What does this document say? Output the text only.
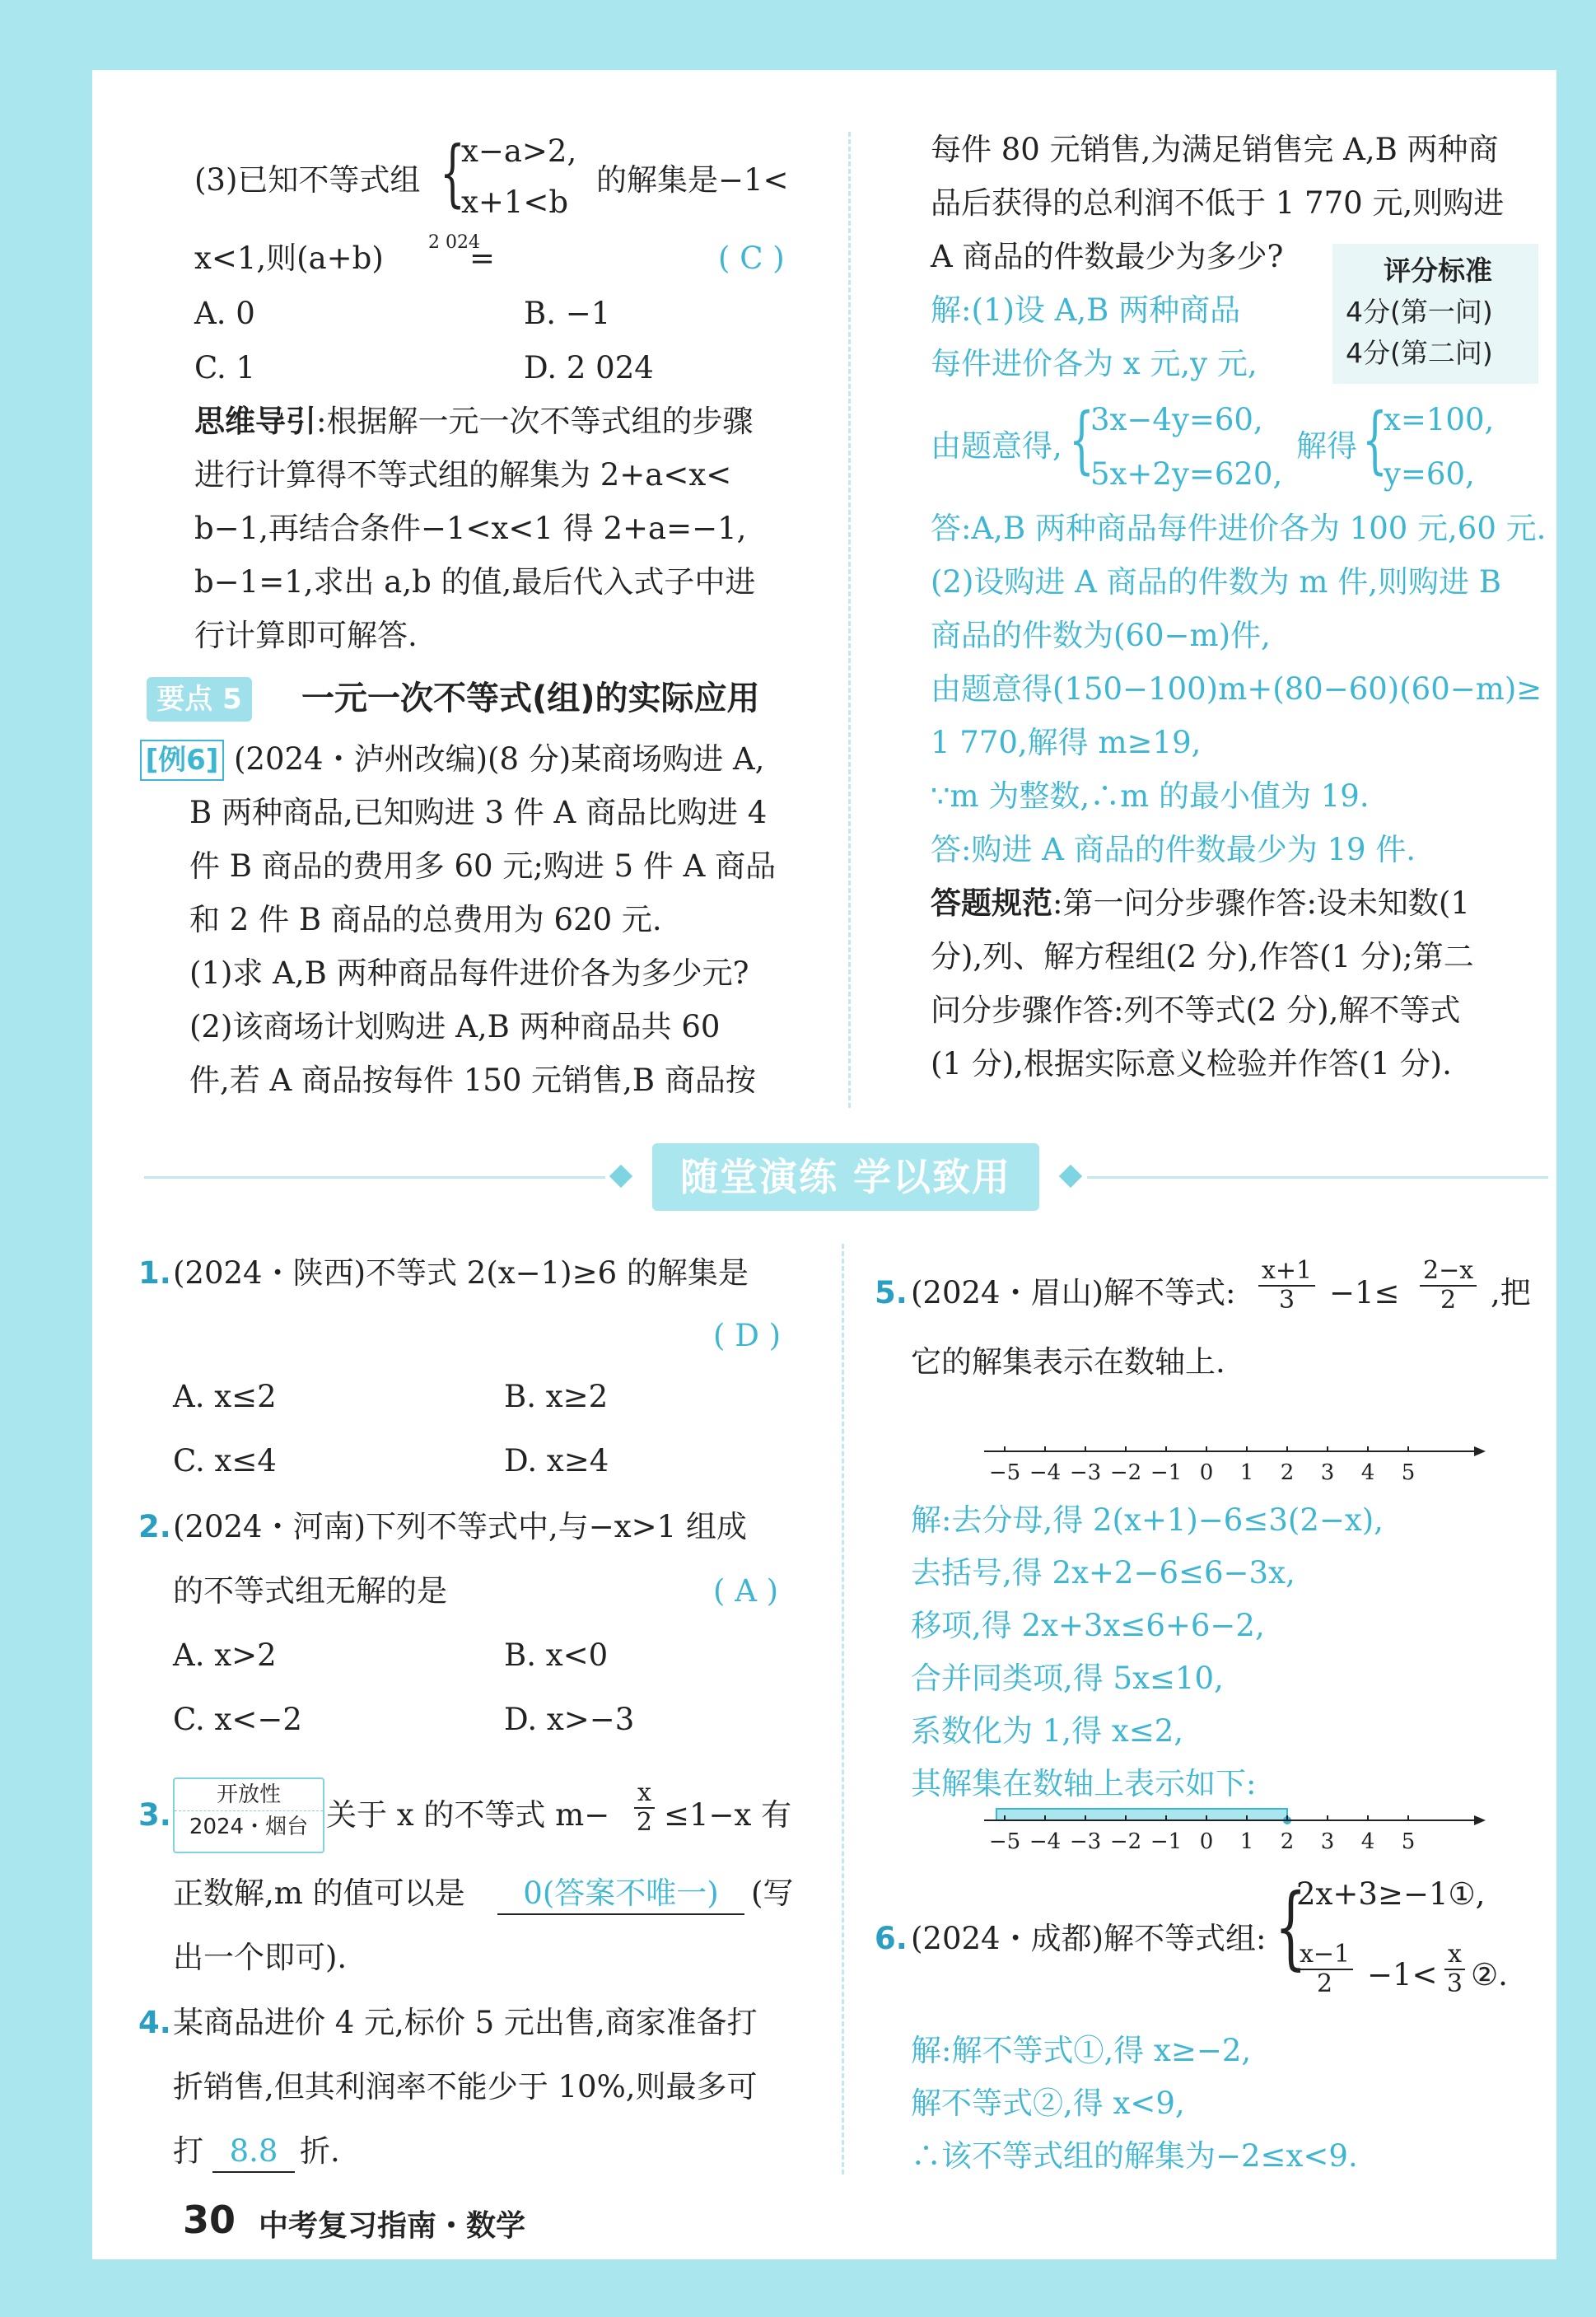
(3)已知不等式组 {
x−a>2,
x+1<b
的解集是−1<
x<1,则(a+b) 2 024
=	( C )
A. 0	B. −1
C. 1	D. 2 024
思维导引:根据解一元一次不等式组的步骤
进行计算得不等式组的解集为 2+a<x<
b−1,再结合条件−1<x<1 得 2+a=−1,
b−1=1,求出 a,b 的值,最后代入式子中进
行计算即可解答.
要点 5	一元一次不等式(组)的实际应用
[例6] (2024・泸州改编)(8 分)某商场购进 A,
B 两种商品,已知购进 3 件 A 商品比购进 4
件 B 商品的费用多 60 元;购进 5 件 A 商品
和 2 件 B 商品的总费用为 620 元.
(1)求 A,B 两种商品每件进价各为多少元?
(2)该商场计划购进 A,B 两种商品共 60
件,若 A 商品按每件 150 元销售,B 商品按
每件 80 元销售,为满足销售完 A,B 两种商
品后获得的总利润不低于 1 770 元,则购进
A 商品的件数最少为多少?	评分标准
4分(第一问)
4分(第二问)
解:(1)设 A,B 两种商品
每件进价各为 x 元,y 元,
由题意得, {
3x−4y=60,
5x+2y=620,
解得 {
x=100,
y=60,
答:A,B 两种商品每件进价各为 100 元,60 元.
(2)设购进 A 商品的件数为 m 件,则购进 B
商品的件数为(60−m)件,
由题意得(150−100)m+(80−60)(60−m)≥
1 770,解得 m≥19,
∵m 为整数,∴m 的最小值为 19.
答:购进 A 商品的件数最少为 19 件.
答题规范:第一问分步骤作答:设未知数(1
分),列、解方程组(2 分),作答(1 分);第二
问分步骤作答:列不等式(2 分),解不等式
(1 分),根据实际意义检验并作答(1 分).
随堂演练 学以致用
1. (2024・陕西)不等式 2(x−1)≥6 的解集是
( D )
A. x≤2	B. x≥2
C. x≤4	D. x≥4
2. (2024・河南)下列不等式中,与−x>1 组成
的不等式组无解的是	( A )
A. x>2	B. x<0
C. x<−2	D. x>−3
3.
开放性
2024・烟台 关于 x 的不等式 $m- \frac{x}{2} \le 1-x$ 有
正数解,m 的值可以是	0(答案不唯一)	(写
出一个即可).
4. 某商品进价 4 元,标价 5 元出售,商家准备打
折销售,但其利润率不能少于 10%,则最多可
打 8.8 折.
5. (2024・眉山)解不等式: $\frac{x+1}{3} -1\le \frac{2-x}{2}$ ,把
它的解集表示在数轴上.
−5 −4 −3 −2 −1 0 1 2 3 4 5
解:去分母,得 2(x+1)−6≤3(2−x),
去括号,得 2x+2−6≤6−3x,
移项,得 2x+3x≤6+6−2,
合并同类项,得 5x≤10,
系数化为 1,得 x≤2,
其解集在数轴上表示如下:
−5 −4 −3 −2 −1 0 1 2 3 4 5
6. (2024・成都)解不等式组: {
2x+3≥−1①,
$\frac{x-1}{2} -1< \frac{x}{3}$ ②.
解:解不等式①,得 x≥−2,
解不等式②,得 x<9,
∴该不等式组的解集为−2≤x<9.
30 中考复习指南・数学
